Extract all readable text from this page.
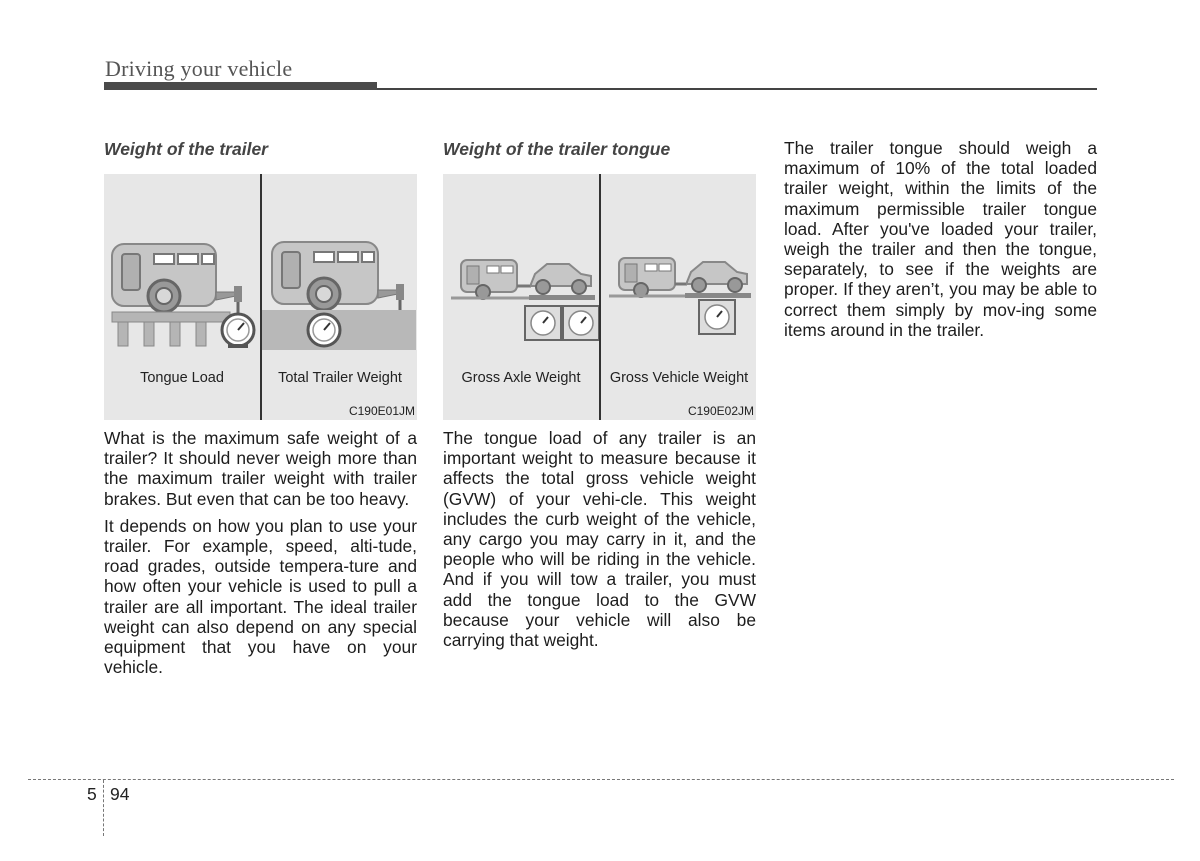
Driving your vehicle
Weight of the trailer
Tongue Load	Total Trailer Weight
C190E01JM

What is the maximum safe weight of a trailer? It should never weigh more than the maximum trailer weight with trailer brakes. But even that can be too heavy.

It depends on how you plan to use your trailer. For example, speed, alti-tude, road grades, outside tempera-ture and how often your vehicle is used to pull a trailer are all important. The ideal trailer weight can also depend on any special equipment that you have on your vehicle.

Weight of the trailer tongue
Gross Axle Weight	Gross Vehicle Weight
C190E02JM

The tongue load of any trailer is an important weight to measure because it affects the total gross vehicle weight (GVW) of your vehi-cle. This weight includes the curb weight of the vehicle, any cargo you may carry in it, and the people who will be riding in the vehicle. And if you will tow a trailer, you must add the tongue load to the GVW because your vehicle will also be carrying that weight.

The trailer tongue should weigh a maximum of 10% of the total loaded trailer weight, within the limits of the maximum permissible trailer tongue load. After you've loaded your trailer, weigh the trailer and then the tongue, separately, to see if the weights are proper. If they aren’t, you may be able to correct them simply by mov-ing some items around in the trailer.

5 94
